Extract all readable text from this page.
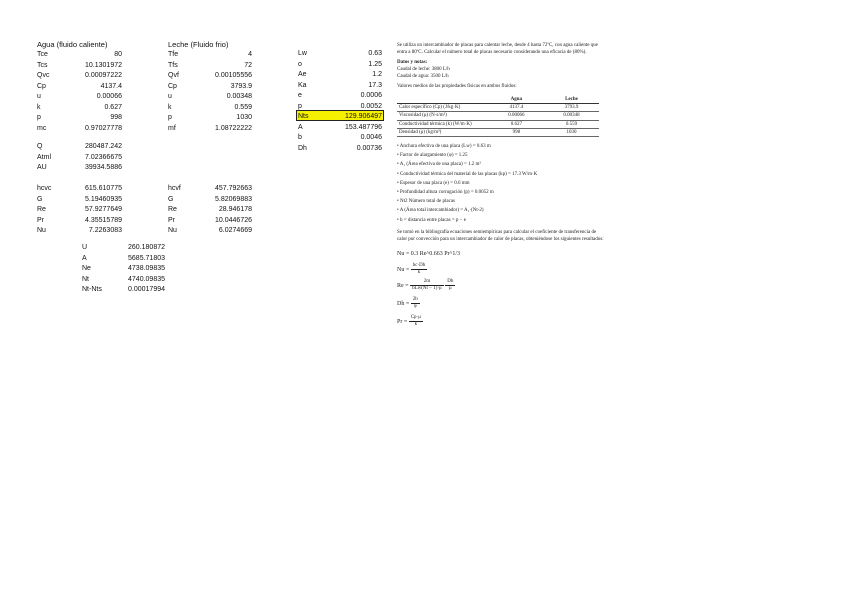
Agua (fluido caliente)
Tce	80
Tcs	10.1301972
Qvc	0.00097222
Cp	4137.4
u	0.00066
k	0.627
p	998
mc	0.97027778
Q	280487.242
Atml	7.02366675
AU	39934.5886
hcvc	615.610775
G	5.19460935
Re	57.9277649
Pr	4.35515789
Nu	7.2263083
Leche (Fluido frio)
Tfe	4
Tfs	72
Qvf	0.00105556
Cp	3793.9
u	0.00348
k	0.559
p	1030
mf	1.08722222
hcvf	457.792663
G	5.82069883
Re	28.946178
Pr	10.0446726
Nu	6.0274669
Lw	0.63
o	1.25
Ae	1.2
Ka	17.3
e	0.0006
p	0.0052
Nts	129.906497
A	153.487796
b	0.0046
Dh	0.00736
U	260.180872
A	5685.71803
Ne	4738.09835
Nt	4740.09835
Nt-Nts	0.00017994
Se utiliza un intercambiador de placas para calentar leche, desde 4 hasta 72ºC, con agua caliente que
entra a 80ºC. Calcular el número total de placas necesario considerando una eficacia de (80%).
Datos y notas:
Caudal de leche: 3800 L/h
Caudal de agua: 3500 L/h
Valores medios de las propiedades físicas en ambos fluidos:
	Agua	Leche
Calor específico (Cp) (J/kg·K)	4137.4	3793.9
Viscosidad (μ) (N·s/m²)	0.00066	0.00348
Conductividad térmica (k) (W/m·K)	0.627	0.559
Densidad (ρ) (kg/m³)	998	1030
• Anchura efectiva de una placa (Lw) = 0.63 m
• Factor de alargamiento (φ) = 1.25
• A₁ (Área efectiva de una placa) = 1.2 m²
• Conductividad térmica del material de las placas (kp) = 17.3 W/m·K
• Espesor de una placa (e) = 0.6 mm
• Profundidad altura corrugación (p) = 0.0052 m
• Nt2 Número total de placas
• A (Área total intercambiador) = A₁·(Nt-2)
• b = distancia entre placas = p − e
Se tomó en la bibliografía ecuaciones semiempíricas para calcular el coeficiente de transferencia de
calor por convección para un intercambiador de calor de placas, obteniéndose los siguientes resultados:
Nu = 0.3 Re^0.663 Pr^1/3
$Nu = \frac{hc\cdot Dh}{k}$
$Re = \frac{2m}{\text{bLw(Nt − 1)·μ}}$
$\frac{Dh}{\mu}$
$Dh = \frac{2b}{\varphi}$
$Pr = \frac{Cp\cdot\mu}{k}$
